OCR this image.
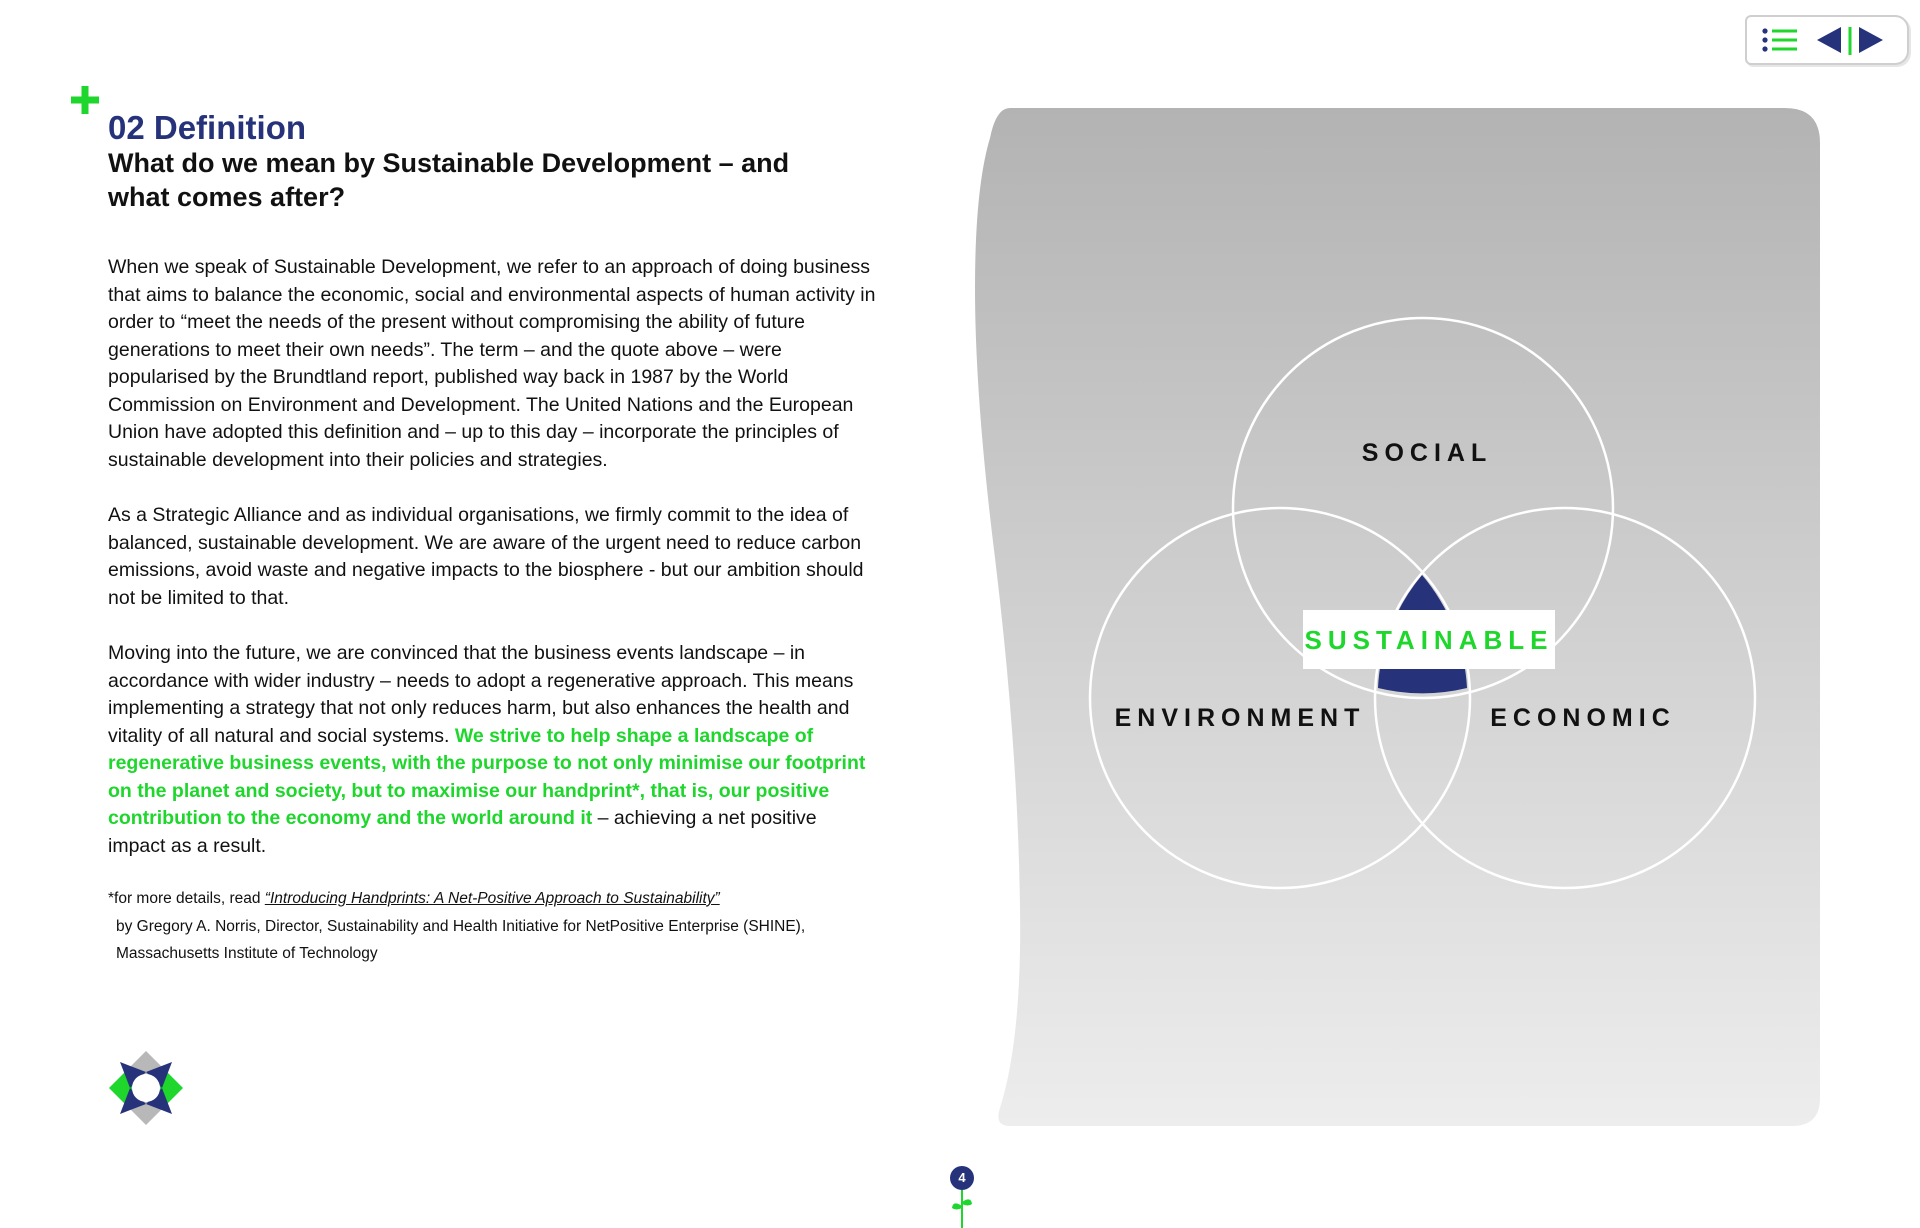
02 Definition
What do we mean by Sustainable Development – and what comes after?

When we speak of Sustainable Development, we refer to an approach of doing business that aims to balance the economic, social and environmental aspects of human activity in order to “meet the needs of the present without compromising the ability of future generations to meet their own needs”. The term – and the quote above – were popularised by the Brundtland report, published way back in 1987 by the World Commission on Environment and Development. The United Nations and the European Union have adopted this definition and – up to this day – incorporate the principles of sustainable development into their policies and strategies.

As a Strategic Alliance and as individual organisations, we firmly commit to the idea of balanced, sustainable development. We are aware of the urgent need to reduce carbon emissions, avoid waste and negative impacts to the biosphere - but our ambition should not be limited to that.

Moving into the future, we are convinced that the business events landscape – in accordance with wider industry – needs to adopt a regenerative approach. This means implementing a strategy that not only reduces harm, but also enhances the health and vitality of all natural and social systems. We strive to help shape a landscape of regenerative business events, with the purpose to not only minimise our footprint on the planet and society, but to maximise our handprint*, that is, our positive contribution to the economy and the world around it – achieving a net positive impact as a result.

*for more details, read “Introducing Handprints: A Net-Positive Approach to Sustainability”
by Gregory A. Norris, Director, Sustainability and Health Initiative for NetPositive Enterprise (SHINE),
Massachusetts Institute of Technology
4
SOCIAL
ENVIRONMENT	ECONOMIC
SUSTAINABLE
